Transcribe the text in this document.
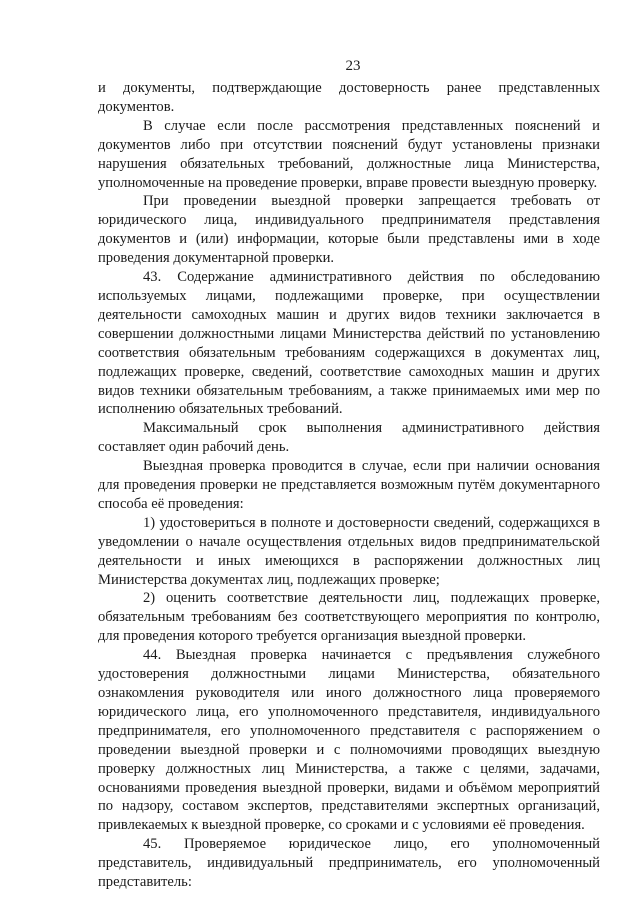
23

и документы, подтверждающие достоверность ранее представленных документов.

В случае если после рассмотрения представленных пояснений и документов либо при отсутствии пояснений будут установлены признаки нарушения обязательных требований, должностные лица Министерства, уполномоченные на проведение проверки, вправе провести выездную проверку.

При проведении выездной проверки запрещается требовать от юридического лица, индивидуального предпринимателя представления документов и (или) информации, которые были представлены ими в ходе проведения документарной проверки.

43. Содержание административного действия по обследованию используемых лицами, подлежащими проверке, при осуществлении деятельности самоходных машин и других видов техники заключается в совершении должностными лицами Министерства действий по установлению соответствия обязательным требованиям содержащихся в документах лиц, подлежащих проверке, сведений, соответствие самоходных машин и других видов техники обязательным требованиям, а также принимаемых ими мер по исполнению обязательных требований.

Максимальный срок выполнения административного действия составляет один рабочий день.

Выездная проверка проводится в случае, если при наличии основания для проведения проверки не представляется возможным путём документарного способа её проведения:

1) удостовериться в полноте и достоверности сведений, содержащихся в уведомлении о начале осуществления отдельных видов предпринимательской деятельности и иных имеющихся в распоряжении должностных лиц Министерства документах лиц, подлежащих проверке;

2) оценить соответствие деятельности лиц, подлежащих проверке, обязательным требованиям без соответствующего мероприятия по контролю, для проведения которого требуется организация выездной проверки.

44. Выездная проверка начинается с предъявления служебного удостоверения должностными лицами Министерства, обязательного ознакомления руководителя или иного должностного лица проверяемого юридического лица, его уполномоченного представителя, индивидуального предпринимателя, его уполномоченного представителя с распоряжением о проведении выездной проверки и с полномочиями проводящих выездную проверку должностных лиц Министерства, а также с целями, задачами, основаниями проведения выездной проверки, видами и объёмом мероприятий по надзору, составом экспертов, представителями экспертных организаций, привлекаемых к выездной проверке, со сроками и с условиями её проведения.

45. Проверяемое юридическое лицо, его уполномоченный представитель, индивидуальный предприниматель, его уполномоченный представитель:
